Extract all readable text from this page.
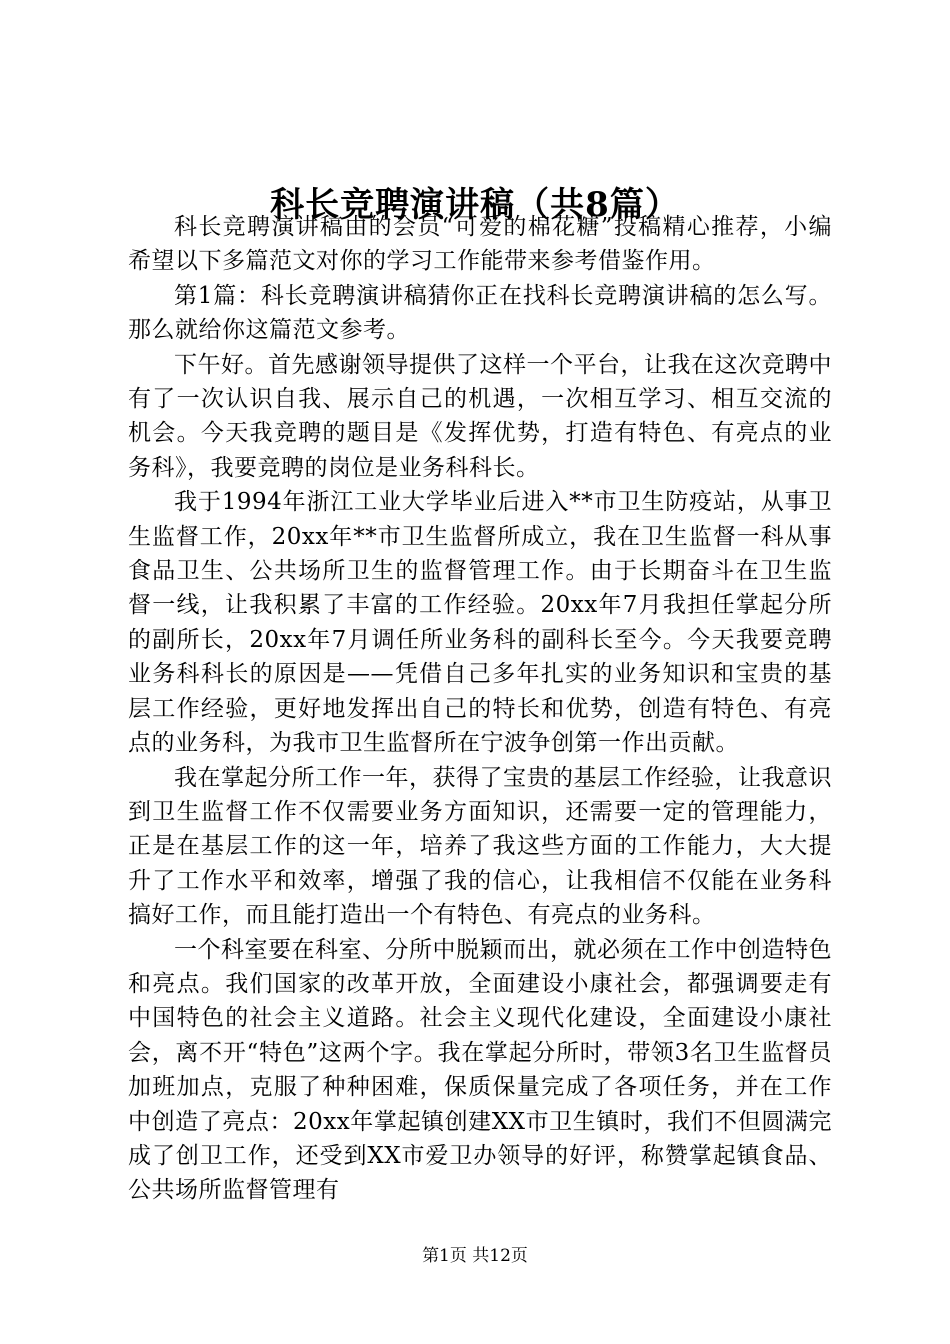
科长竞聘演讲稿（共8篇）

科长竞聘演讲稿由的会员“可爱的棉花糖”投稿精心推荐，小编希望以下多篇范文对你的学习工作能带来参考借鉴作用。

第1篇：科长竞聘演讲稿猜你正在找科长竞聘演讲稿的怎么写。那么就给你这篇范文参考。

下午好。首先感谢领导提供了这样一个平台，让我在这次竞聘中有了一次认识自我、展示自己的机遇，一次相互学习、相互交流的机会。今天我竞聘的题目是《发挥优势，打造有特色、有亮点的业务科》，我要竞聘的岗位是业务科科长。

我于1994年浙江工业大学毕业后进入**市卫生防疫站，从事卫生监督工作，20xx年**市卫生监督所成立，我在卫生监督一科从事食品卫生、公共场所卫生的监督管理工作。由于长期奋斗在卫生监督一线，让我积累了丰富的工作经验。20xx年7月我担任掌起分所的副所长，20xx年7月调任所业务科的副科长至今。今天我要竞聘业务科科长的原因是——凭借自己多年扎实的业务知识和宝贵的基层工作经验，更好地发挥出自己的特长和优势，创造有特色、有亮点的业务科，为我市卫生监督所在宁波争创第一作出贡献。

我在掌起分所工作一年，获得了宝贵的基层工作经验，让我意识到卫生监督工作不仅需要业务方面知识，还需要一定的管理能力，正是在基层工作的这一年，培养了我这些方面的工作能力，大大提升了工作水平和效率，增强了我的信心，让我相信不仅能在业务科搞好工作，而且能打造出一个有特色、有亮点的业务科。

一个科室要在科室、分所中脱颖而出，就必须在工作中创造特色和亮点。我们国家的改革开放，全面建设小康社会，都强调要走有中国特色的社会主义道路。社会主义现代化建设，全面建设小康社会，离不开“特色”这两个字。我在掌起分所时，带领3名卫生监督员加班加点，克服了种种困难，保质保量完成了各项任务，并在工作中创造了亮点：20xx年掌起镇创建XX市卫生镇时，我们不但圆满完成了创卫工作，还受到XX市爱卫办领导的好评，称赞掌起镇食品、公共场所监督管理有

第1页 共12页
